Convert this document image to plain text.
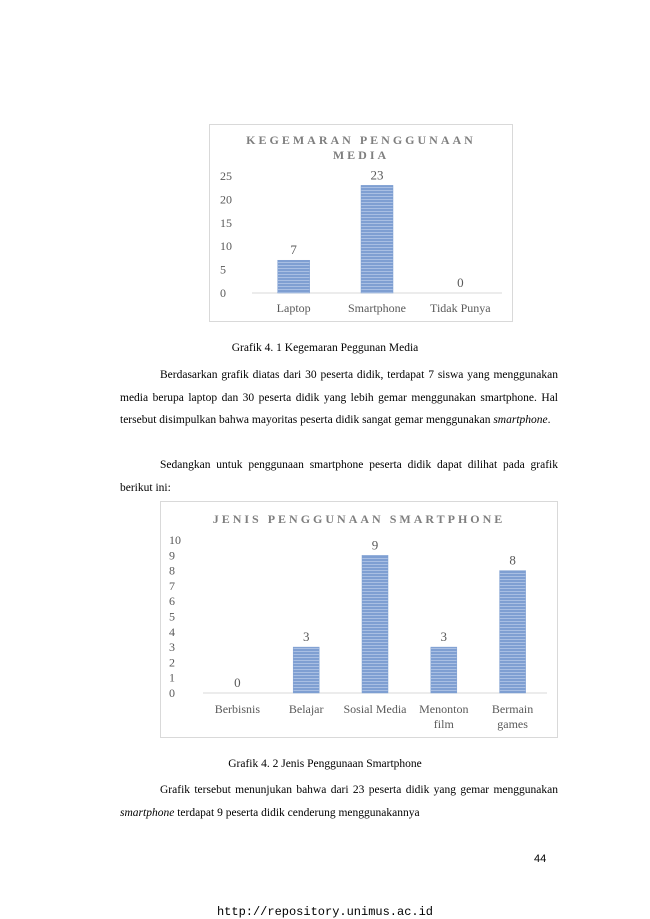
KEGEMARAN PENGGUNAAN
MEDIA
0
5
10
15
20
25
7
Laptop
23
Smartphone
0
Tidak Punya
Grafik 4. 1 Kegemaran Peggunan Media

Berdasarkan grafik diatas dari 30 peserta didik, terdapat 7 siswa yang menggunakan media berupa laptop dan 30 peserta didik yang lebih gemar menggunakan smartphone. Hal tersebut disimpulkan bahwa mayoritas peserta didik sangat gemar menggunakan smartphone.

Sedangkan untuk penggunaan smartphone peserta didik dapat dilihat pada grafik berikut ini:

JENIS PENGGUNAAN SMARTPHONE
0
1
2
3
4
5
6
7
8
9
10
0
Berbisnis
3
Belajar
9
Sosial Media
3
Menonton
film
8
Bermain
games
Grafik 4. 2 Jenis Penggunaan Smartphone

Grafik tersebut menunjukan bahwa dari 23 peserta didik yang gemar menggunakan smartphone terdapat 9 peserta didik cenderung menggunakannya

44
http://repository.unimus.ac.id
